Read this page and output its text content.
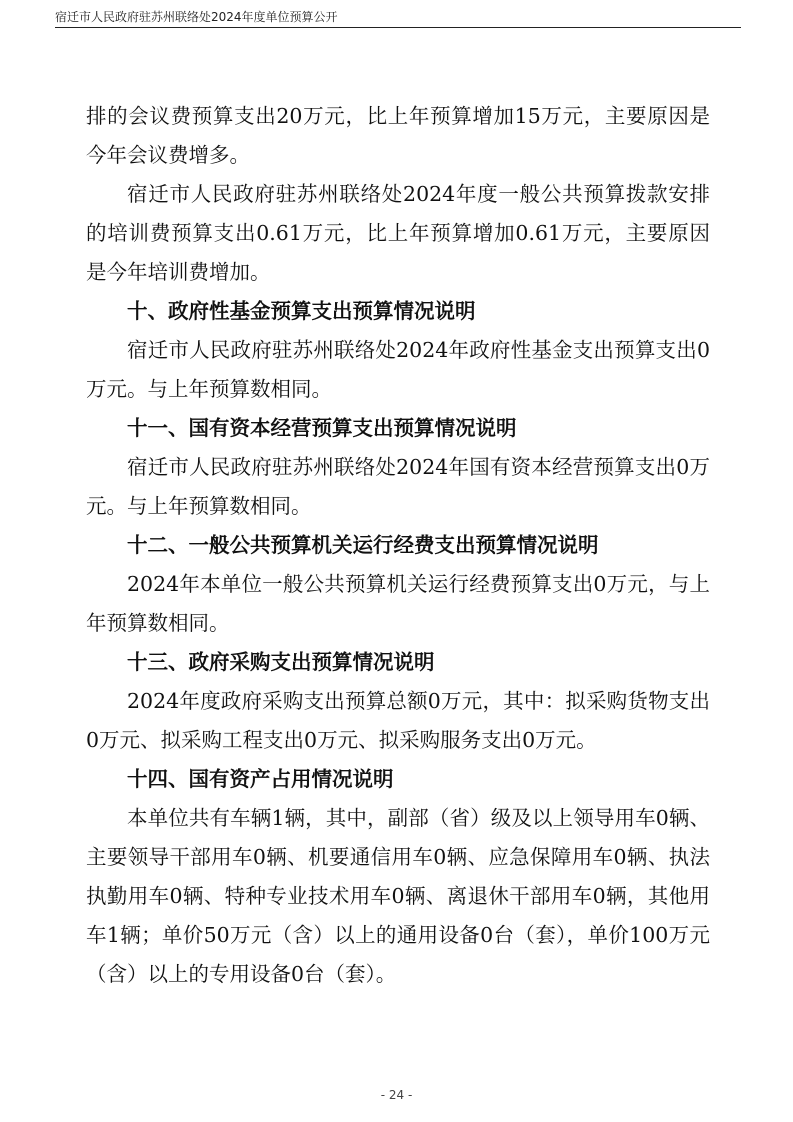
宿迁市人民政府驻苏州联络处2024年度单位预算公开

排的会议费预算支出20万元，比上年预算增加15万元，主要原因是今年会议费增多。

宿迁市人民政府驻苏州联络处2024年度一般公共预算拨款安排的培训费预算支出0.61万元，比上年预算增加0.61万元，主要原因是今年培训费增加。

十、政府性基金预算支出预算情况说明

宿迁市人民政府驻苏州联络处2024年政府性基金支出预算支出0万元。与上年预算数相同。

十一、国有资本经营预算支出预算情况说明

宿迁市人民政府驻苏州联络处2024年国有资本经营预算支出0万元。与上年预算数相同。

十二、一般公共预算机关运行经费支出预算情况说明

2024年本单位一般公共预算机关运行经费预算支出0万元，与上年预算数相同。

十三、政府采购支出预算情况说明

2024年度政府采购支出预算总额0万元，其中：拟采购货物支出0万元、拟采购工程支出0万元、拟采购服务支出0万元。

十四、国有资产占用情况说明

本单位共有车辆1辆，其中，副部（省）级及以上领导用车0辆、主要领导干部用车0辆、机要通信用车0辆、应急保障用车0辆、执法执勤用车0辆、特种专业技术用车0辆、离退休干部用车0辆，其他用车1辆；单价50万元（含）以上的通用设备0台（套），单价100万元（含）以上的专用设备0台（套）。

- 24 -
